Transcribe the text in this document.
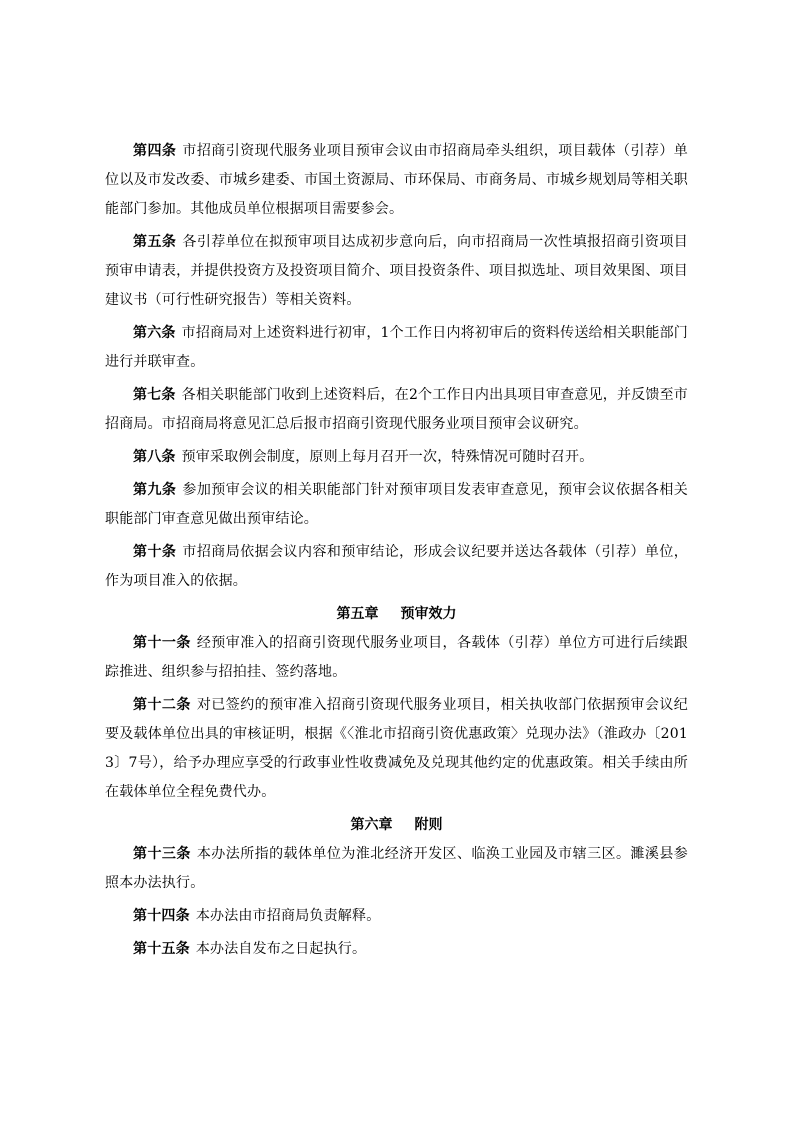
第四条 市招商引资现代服务业项目预审会议由市招商局牵头组织，项目载体（引荐）单位以及市发改委、市城乡建委、市国土资源局、市环保局、市商务局、市城乡规划局等相关职能部门参加。其他成员单位根据项目需要参会。

第五条 各引荐单位在拟预审项目达成初步意向后，向市招商局一次性填报招商引资项目预审申请表，并提供投资方及投资项目简介、项目投资条件、项目拟选址、项目效果图、项目建议书（可行性研究报告）等相关资料。

第六条 市招商局对上述资料进行初审，1个工作日内将初审后的资料传送给相关职能部门进行并联审查。

第七条 各相关职能部门收到上述资料后，在2个工作日内出具项目审查意见，并反馈至市招商局。市招商局将意见汇总后报市招商引资现代服务业项目预审会议研究。

第八条 预审采取例会制度，原则上每月召开一次，特殊情况可随时召开。

第九条 参加预审会议的相关职能部门针对预审项目发表审查意见，预审会议依据各相关职能部门审查意见做出预审结论。

第十条 市招商局依据会议内容和预审结论，形成会议纪要并送达各载体（引荐）单位，作为项目准入的依据。

第五章 预审效力

第十一条 经预审准入的招商引资现代服务业项目，各载体（引荐）单位方可进行后续跟踪推进、组织参与招拍挂、签约落地。

第十二条 对已签约的预审准入招商引资现代服务业项目，相关执收部门依据预审会议纪要及载体单位出具的审核证明，根据《〈淮北市招商引资优惠政策〉兑现办法》（淮政办〔2013〕7号），给予办理应享受的行政事业性收费减免及兑现其他约定的优惠政策。相关手续由所在载体单位全程免费代办。

第六章 附则

第十三条 本办法所指的载体单位为淮北经济开发区、临涣工业园及市辖三区。濉溪县参照本办法执行。

第十四条 本办法由市招商局负责解释。

第十五条 本办法自发布之日起执行。
